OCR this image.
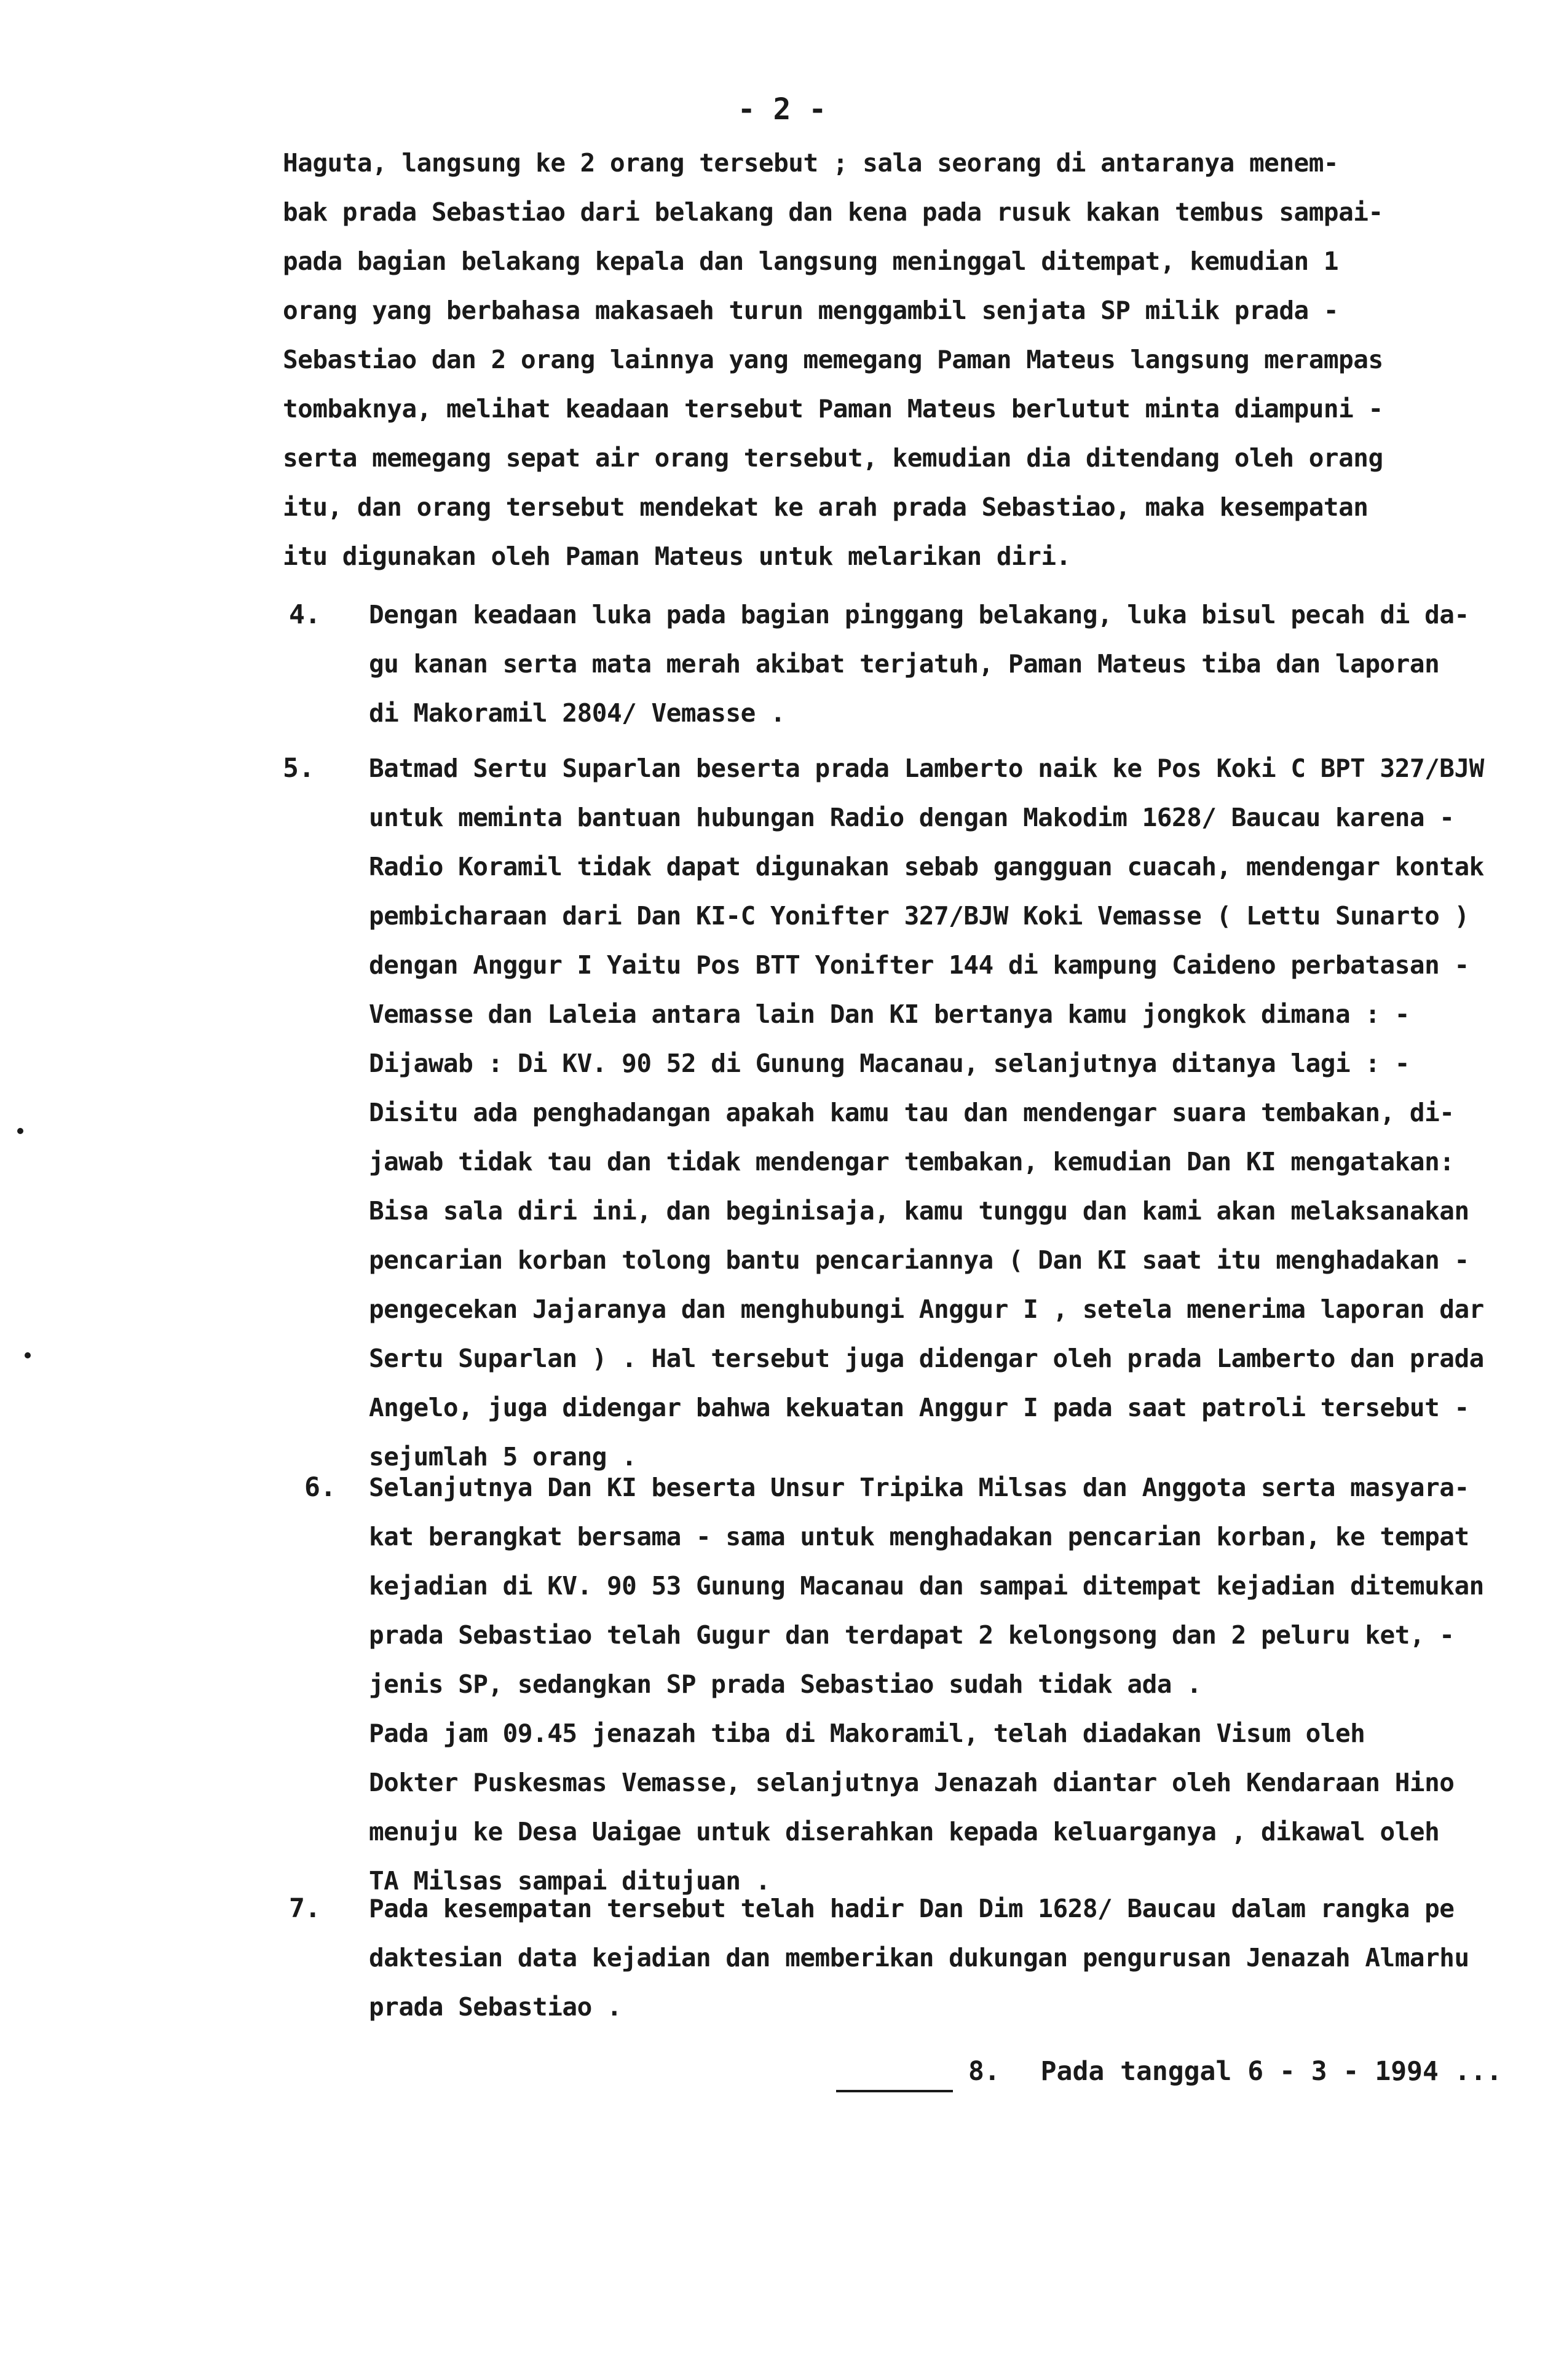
- 2 -
Haguta, langsung ke 2 orang tersebut ; sala seorang di antaranya menem-
bak prada Sebastiao dari belakang dan kena pada rusuk kakan tembus sampai-
pada bagian belakang kepala dan langsung meninggal ditempat, kemudian 1
orang yang berbahasa makasaeh turun menggambil senjata SP milik prada -
Sebastiao dan 2 orang lainnya yang memegang Paman Mateus langsung merampas
tombaknya, melihat keadaan tersebut Paman Mateus berlutut minta diampuni -
serta memegang sepat air orang tersebut, kemudian dia ditendang oleh orang
itu, dan orang tersebut mendekat ke arah prada Sebastiao, maka kesempatan
itu digunakan oleh Paman Mateus untuk melarikan diri.
4. Dengan keadaan luka pada bagian pinggang belakang, luka bisul pecah di da-
gu kanan serta mata merah akibat terjatuh, Paman Mateus tiba dan laporan
di Makoramil 2804/ Vemasse .
5. Batmad Sertu Suparlan beserta prada Lamberto naik ke Pos Koki C BPT 327/BJW
untuk meminta bantuan hubungan Radio dengan Makodim 1628/ Baucau karena -
Radio Koramil tidak dapat digunakan sebab gangguan cuacah, mendengar kontak
pembicharaan dari Dan KI-C Yonifter 327/BJW Koki Vemasse ( Lettu Sunarto )
dengan Anggur I Yaitu Pos BTT Yonifter 144 di kampung Caideno perbatasan -
Vemasse dan Laleia antara lain Dan KI bertanya kamu jongkok dimana : -
Dijawab : Di KV. 90 52 di Gunung Macanau, selanjutnya ditanya lagi : -
Disitu ada penghadangan apakah kamu tau dan mendengar suara tembakan, di-
jawab tidak tau dan tidak mendengar tembakan, kemudian Dan KI mengatakan:
Bisa sala diri ini, dan beginisaja, kamu tunggu dan kami akan melaksanakan
pencarian korban tolong bantu pencariannya ( Dan KI saat itu menghadakan -
pengecekan Jajaranya dan menghubungi Anggur I , setela menerima laporan dar
Sertu Suparlan ) . Hal tersebut juga didengar oleh prada Lamberto dan prada
Angelo, juga didengar bahwa kekuatan Anggur I pada saat patroli tersebut -
sejumlah 5 orang .
6. Selanjutnya Dan KI beserta Unsur Tripika Milsas dan Anggota serta masyara-
kat berangkat bersama - sama untuk menghadakan pencarian korban, ke tempat
kejadian di KV. 90 53 Gunung Macanau dan sampai ditempat kejadian ditemukan
prada Sebastiao telah Gugur dan terdapat 2 kelongsong dan 2 peluru ket, -
jenis SP, sedangkan SP prada Sebastiao sudah tidak ada .
Pada jam 09.45 jenazah tiba di Makoramil, telah diadakan Visum oleh
Dokter Puskesmas Vemasse, selanjutnya Jenazah diantar oleh Kendaraan Hino
menuju ke Desa Uaigae untuk diserahkan kepada keluarganya , dikawal oleh
TA Milsas sampai ditujuan .
7. Pada kesempatan tersebut telah hadir Dan Dim 1628/ Baucau dalam rangka pe
daktesian data kejadian dan memberikan dukungan pengurusan Jenazah Almarhu
prada Sebastiao .
8. Pada tanggal 6 - 3 - 1994 ...
